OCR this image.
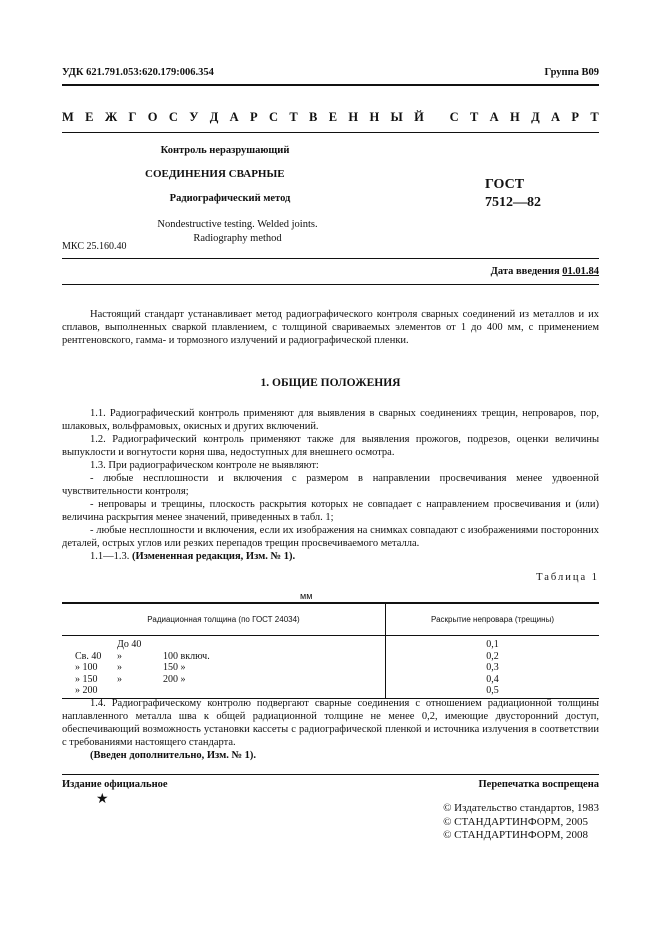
УДК 621.791.053:620.179:006.354	Группа В09
М Е Ж Г О С У Д А Р С Т В Е Н Н Ы Й
С Т А Н Д А Р Т
Контроль неразрушающий
СОЕДИНЕНИЯ СВАРНЫЕ
Радиографический метод
Nondestructive testing. Welded joints.
Radiography method
ГОСТ
7512—82
МКС 25.160.40
Дата введения 01.01.84
Настоящий стандарт устанавливает метод радиографического контроля сварных соединений из металлов и их сплавов, выполненных сваркой плавлением, с толщиной свариваемых элементов от 1 до 400 мм, с применением рентгеновского, гамма- и тормозного излучений и радиографической пленки.
1. ОБЩИЕ ПОЛОЖЕНИЯ

1.1. Радиографический контроль применяют для выявления в сварных соединениях трещин, непроваров, пор, шлаковых, вольфрамовых, окисных и других включений.

1.2. Радиографический контроль применяют также для выявления прожогов, подрезов, оценки величины выпуклости и вогнутости корня шва, недоступных для внешнего осмотра.

1.3. При радиографическом контроле не выявляют:

- любые несплошности и включения с размером в направлении просвечивания менее удвоенной чувствительности контроля;

- непровары и трещины, плоскость раскрытия которых не совпадает с направлением просвечивания и (или) величина раскрытия менее значений, приведенных в табл. 1;

- любые несплошности и включения, если их изображения на снимках совпадают с изображениями посторонних деталей, острых углов или резких перепадов трещин просвечиваемого металла.

1.1—1.3. (Измененная редакция, Изм. № 1).

Таблица 1
мм
Радиационная толщина (по ГОСТ 24034)	Раскрытие непровара (трещины)
До 40	0,1
Св. 40 » 100 включ.	0,2
» 100 » 150 »	0,3
» 150 » 200 »	0,4
» 200	0,5

1.4. Радиографическому контролю подвергают сварные соединения с отношением радиационной толщины наплавленного металла шва к общей радиационной толщине не менее 0,2, имеющие двусторонний доступ, обеспечивающий возможность установки кассеты с радиографической пленкой и источника излучения в соответствии с требованиями настоящего стандарта.

(Введен дополнительно, Изм. № 1).

Издание официальное	Перепечатка воспрещена
★
© Издательство стандартов, 1983
© СТАНДАРТИНФОРМ, 2005
© СТАНДАРТИНФОРМ, 2008
